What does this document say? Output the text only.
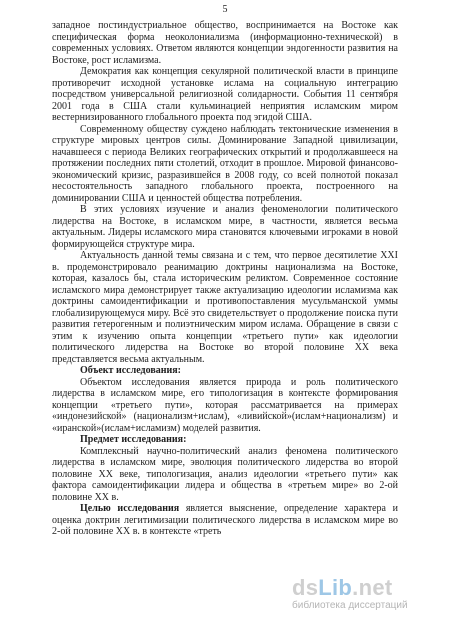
5

западное постиндустриальное общество, воспринимается на Востоке как специфическая форма неоколониализма (информационно-технической) в современных условиях. Ответом являются концепции эндогенности развития на Востоке, рост исламизма.

Демократия как концепция секулярной политической власти в принципе противоречит исходной установке ислама на социальную интеграцию посредством универсальной религиозной солидарности. События 11 сентября 2001 года в США стали кульминацией неприятия исламским миром вестернизированного глобального проекта под эгидой США.

Современному обществу суждено наблюдать тектонические изменения в структуре мировых центров силы. Доминирование Западной цивилизации, начавшееся с периода Великих географических открытий и продолжавшееся на протяжении последних пяти столетий, отходит в прошлое. Мировой финансово-экономический кризис, разразившейся в 2008 году, со всей полнотой показал несостоятельность западного глобального проекта, построенного на доминировании США и ценностей общества потребления.

В этих условиях изучение и анализ феноменологии политического лидерства на Востоке, в исламском мире, в частности, является весьма актуальным. Лидеры исламского мира становятся ключевыми игроками в новой формирующейся структуре мира.

Актуальность данной темы связана и с тем, что первое десятилетие XXI в. продемонстрировало реанимацию доктрины национализма на Востоке, которая, казалось бы, стала историческим реликтом. Современное состояние исламского мира демонстрирует также актуализацию идеологии исламизма как доктрины самоидентификации и противопоставления мусульманской уммы глобализирующемуся миру. Всё это свидетельствует о продолжение поиска пути развития гетерогенным и полиэтническим миром ислама. Обращение в связи с этим к изучению опыта концепции «третьего пути» как идеологии политического лидерства на Востоке во второй половине XX века представляется весьма актуальным.

Объект исследования:

Объектом исследования является природа и роль политического лидерства в исламском мире, его типологизация в контексте формирования концепции «третьего пути», которая рассматривается на примерах «индонезийской» (национализм+ислам), «ливийской»(ислам+национализм) и «иранской»(ислам+исламизм) моделей развития.

Предмет исследования:

Комплексный научно-политический анализ феномена политического лидерства в исламском мире, эволюция политического лидерства во второй половине XX веке, типологизация, анализ идеологии «третьего пути» как фактора самоидентификации лидера и общества в «третьем мире» во 2-ой половине XX в.

Целью исследования является выяснение, определение характера и оценка доктрин легитимизации политического лидерства в исламском мире во 2-ой половине XX в. в контексте «треть

dsLib.net
библиотека диссертаций
